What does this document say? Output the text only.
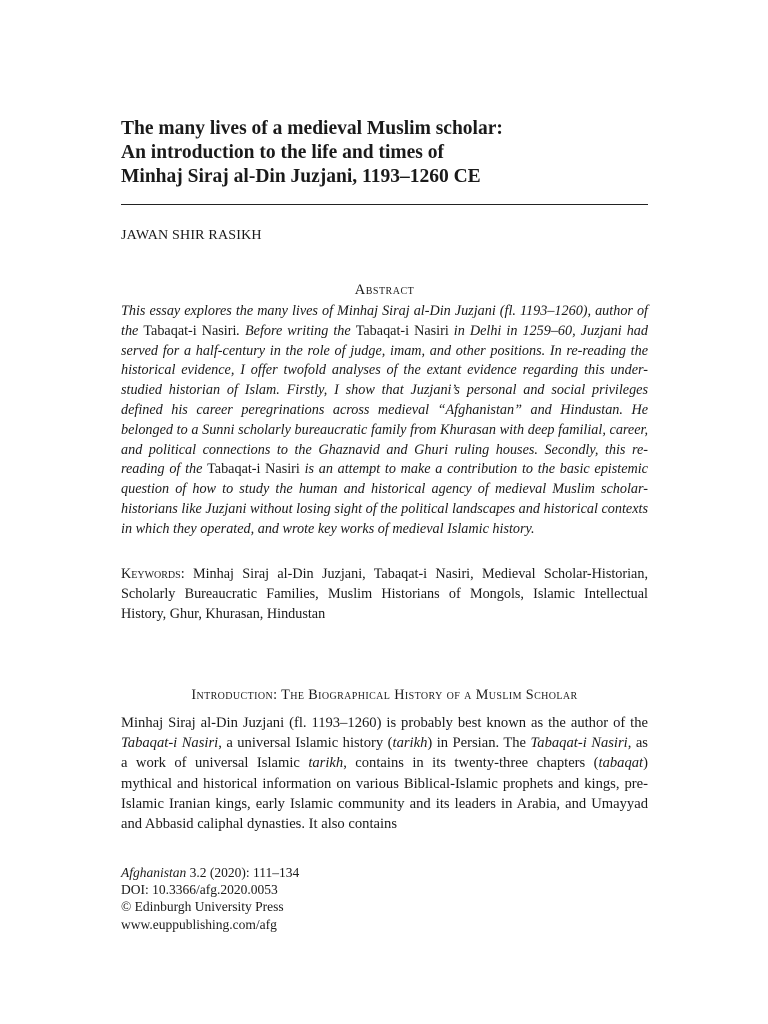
The many lives of a medieval Muslim scholar:
An introduction to the life and times of
Minhaj Siraj al-Din Juzjani, 1193–1260 CE
JAWAN SHIR RASIKH
Abstract

This essay explores the many lives of Minhaj Siraj al-Din Juzjani (fl. 1193–1260), author of the Tabaqat-i Nasiri. Before writing the Tabaqat-i Nasiri in Delhi in 1259–60, Juzjani had served for a half-century in the role of judge, imam, and other positions. In re-reading the historical evidence, I offer twofold analyses of the extant evidence regarding this under-studied historian of Islam. Firstly, I show that Juzjani’s personal and social privileges defined his career peregrinations across medieval “Afghanistan” and Hindustan. He belonged to a Sunni scholarly bureaucratic family from Khurasan with deep familial, career, and political connections to the Ghaznavid and Ghuri ruling houses. Secondly, this re-reading of the Tabaqat-i Nasiri is an attempt to make a contribution to the basic epistemic question of how to study the human and historical agency of medieval Muslim scholar-historians like Juzjani without losing sight of the political landscapes and historical contexts in which they operated, and wrote key works of medieval Islamic history.

Keywords: Minhaj Siraj al-Din Juzjani, Tabaqat-i Nasiri, Medieval Scholar-Historian, Scholarly Bureaucratic Families, Muslim Historians of Mongols, Islamic Intellectual History, Ghur, Khurasan, Hindustan

Introduction: The Biographical History of a Muslim Scholar

Minhaj Siraj al-Din Juzjani (fl. 1193–1260) is probably best known as the author of the Tabaqat-i Nasiri, a universal Islamic history (tarikh) in Persian. The Tabaqat-i Nasiri, as a work of universal Islamic tarikh, contains in its twenty-three chapters (tabaqat) mythical and historical information on various Biblical-Islamic prophets and kings, pre-Islamic Iranian kings, early Islamic community and its leaders in Arabia, and Umayyad and Abbasid caliphal dynasties. It also contains

Afghanistan 3.2 (2020): 111–134
DOI: 10.3366/afg.2020.0053
© Edinburgh University Press
www.euppublishing.com/afg
